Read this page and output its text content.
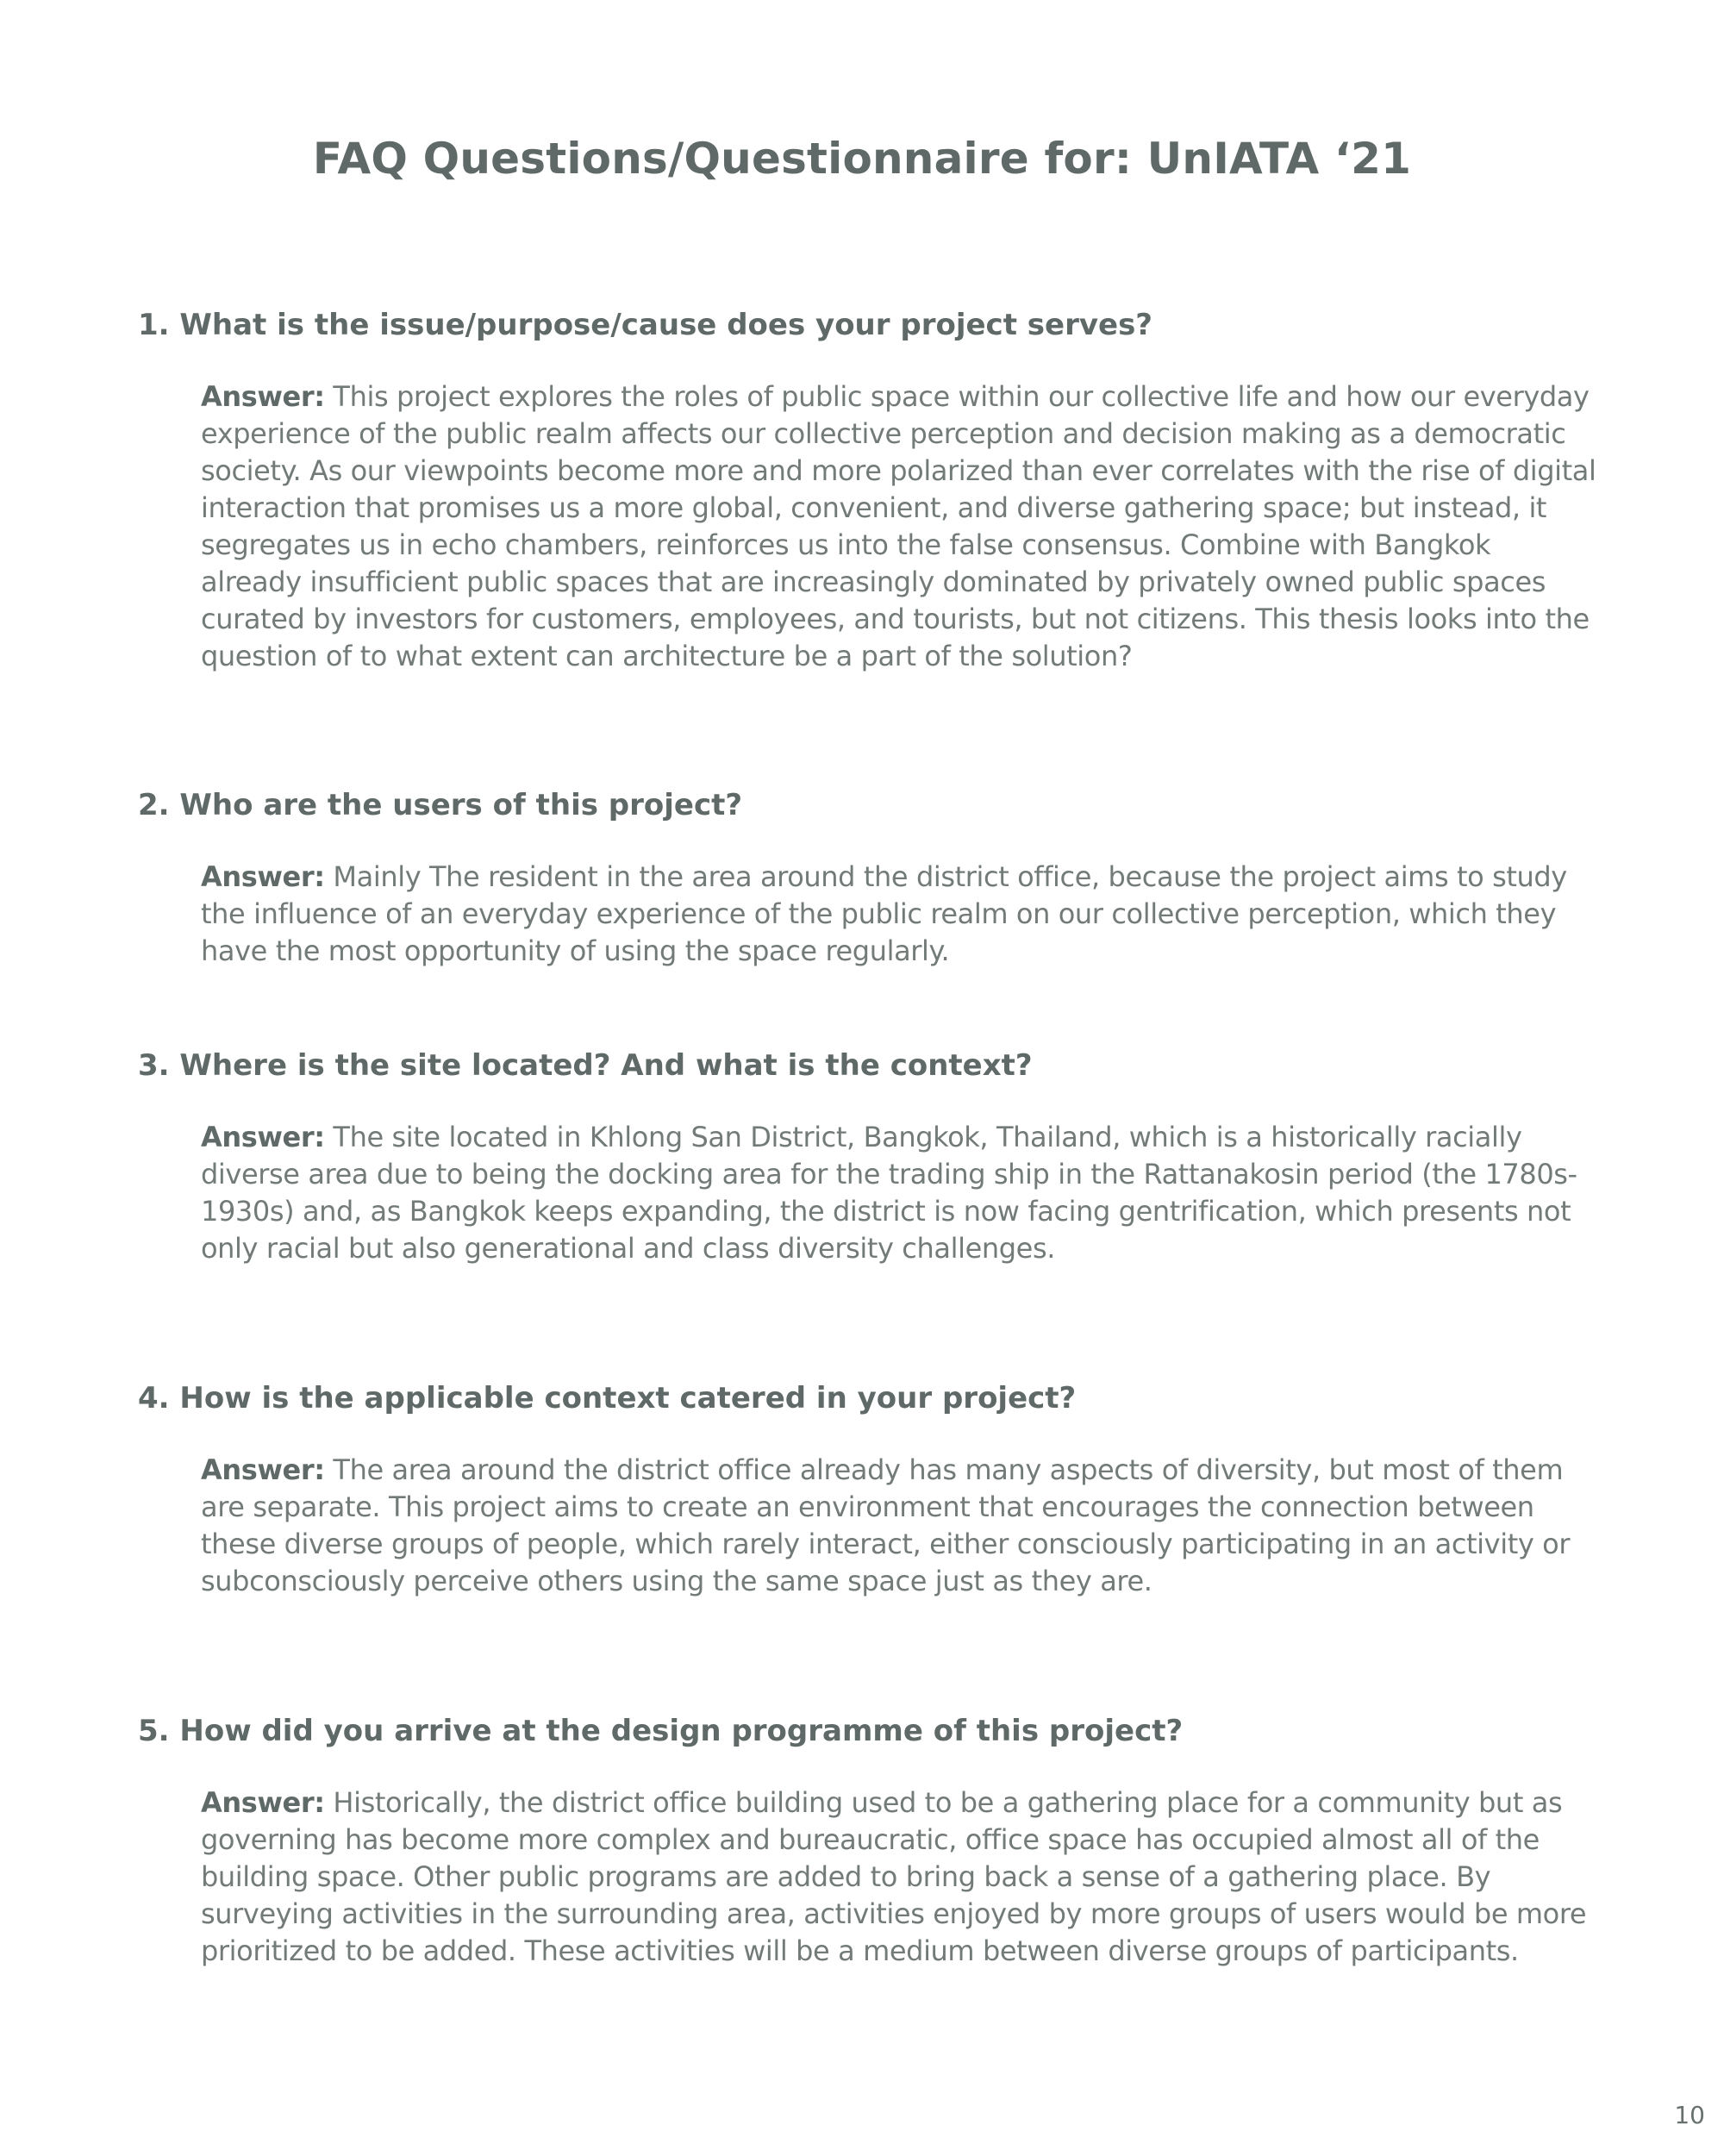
FAQ Questions/Questionnaire for: UnIATA ‘21

1. What is the issue/purpose/cause does your project serves?

Answer: This project explores the roles of public space within our collective life and how our everyday experience of the public realm affects our collective perception and decision making as a democratic society. As our viewpoints become more and more polarized than ever correlates with the rise of digital interaction that promises us a more global, convenient, and diverse gathering space; but instead, it segregates us in echo chambers, reinforces us into the false consensus. Combine with Bangkok already insufficient public spaces that are increasingly dominated by privately owned public spaces curated by investors for customers, employees, and tourists, but not citizens. This thesis looks into the question of to what extent can architecture be a part of the solution?

2. Who are the users of this project?

Answer: Mainly The resident in the area around the district office, because the project aims to study the influence of an everyday experience of the public realm on our collective perception, which they have the most opportunity of using the space regularly.

3. Where is the site located? And what is the context?

Answer: The site located in Khlong San District, Bangkok, Thailand, which is a historically racially diverse area due to being the docking area for the trading ship in the Rattanakosin period (the 1780s-1930s) and, as Bangkok keeps expanding, the district is now facing gentrification, which presents not only racial but also generational and class diversity challenges.

4. How is the applicable context catered in your project?

Answer: The area around the district office already has many aspects of diversity, but most of them are separate. This project aims to create an environment that encourages the connection between these diverse groups of people, which rarely interact, either consciously participating in an activity or subconsciously perceive others using the same space just as they are.

5. How did you arrive at the design programme of this project?

Answer: Historically, the district office building used to be a gathering place for a community but as governing has become more complex and bureaucratic, office space has occupied almost all of the building space. Other public programs are added to bring back a sense of a gathering place. By surveying activities in the surrounding area, activities enjoyed by more groups of users would be more prioritized to be added. These activities will be a medium between diverse groups of participants.
10
